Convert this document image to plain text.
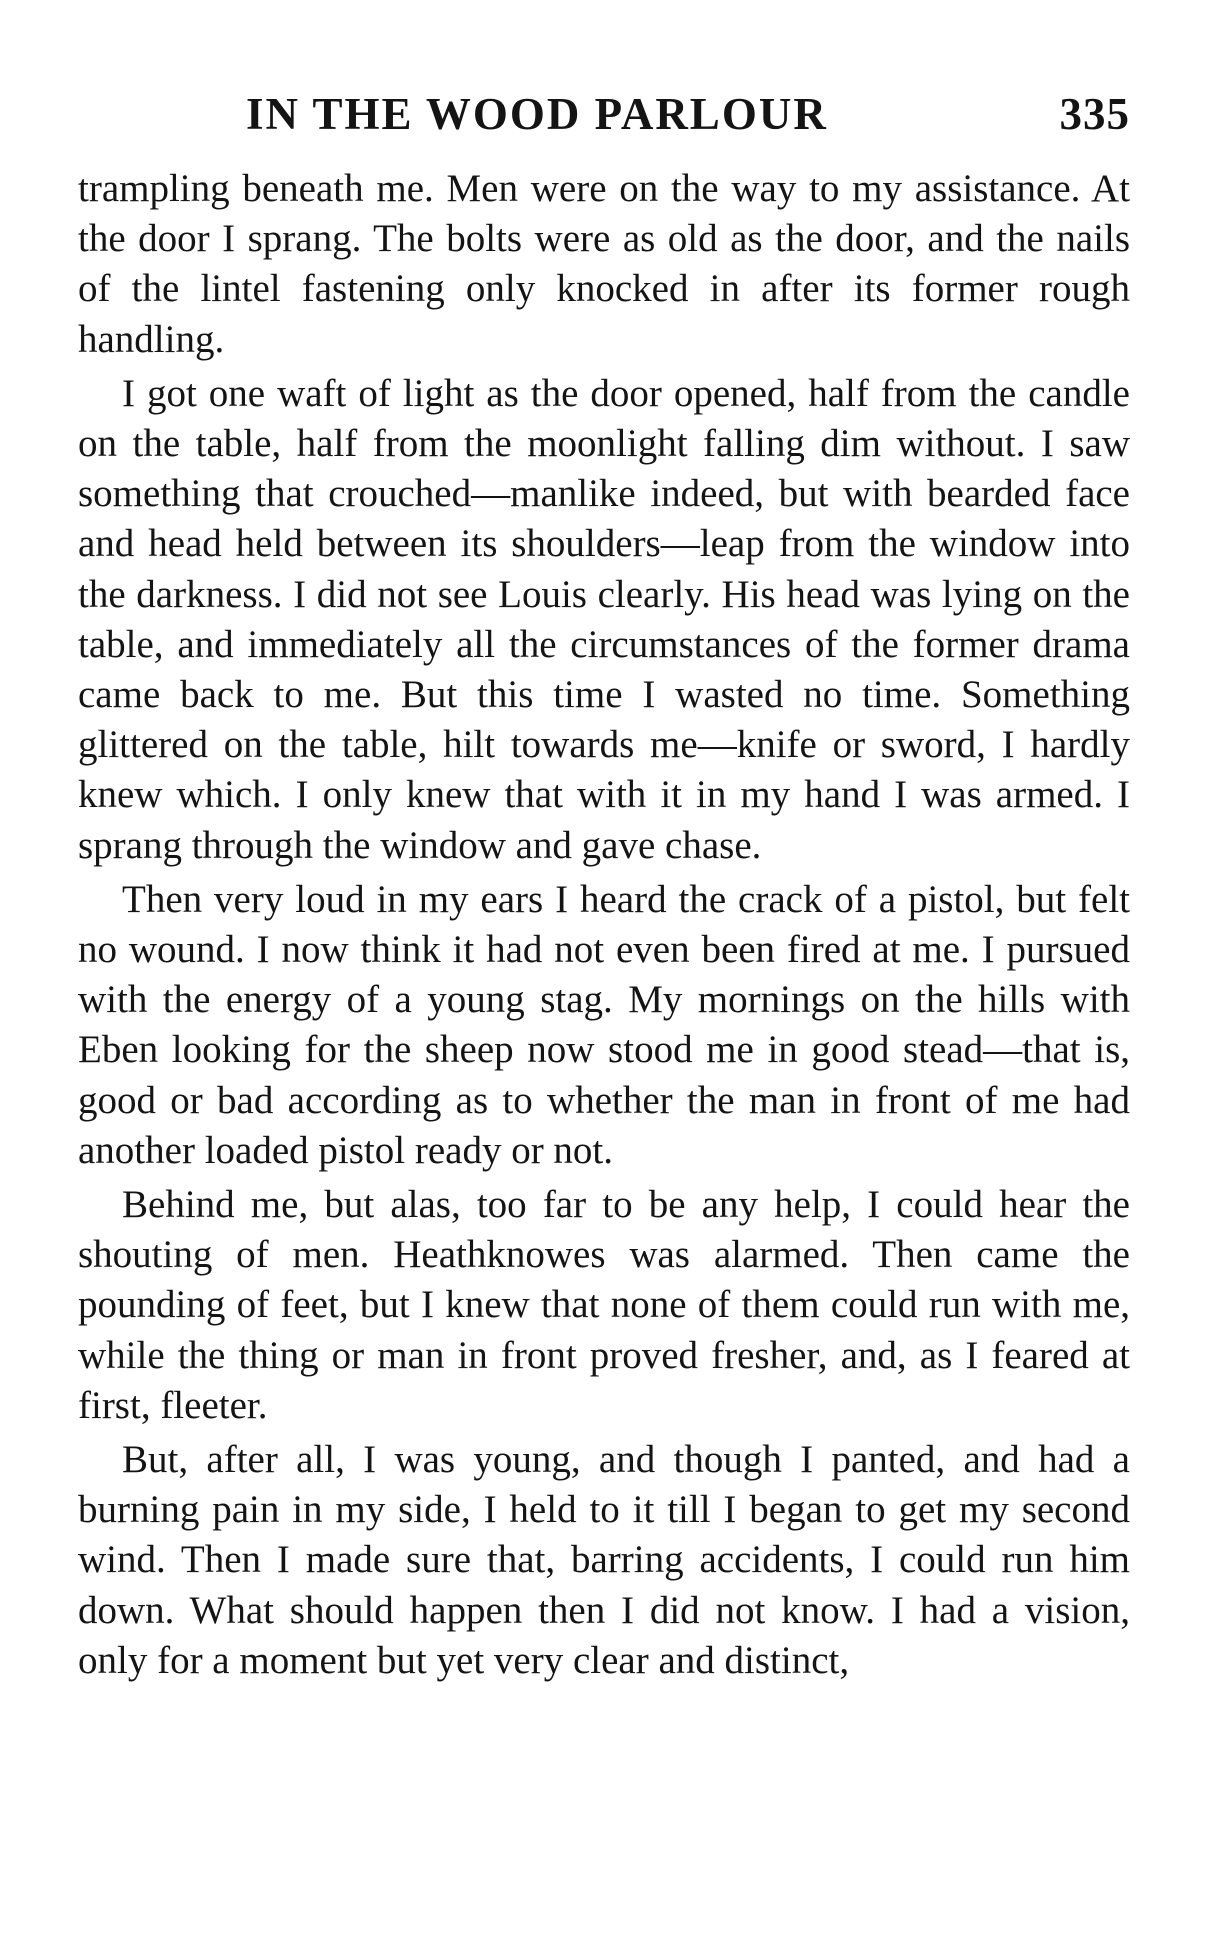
IN THE WOOD PARLOUR	335

trampling beneath me. Men were on the way to my assistance. At the door I sprang. The bolts were as old as the door, and the nails of the lintel fastening only knocked in after its former rough handling.

I got one waft of light as the door opened, half from the candle on the table, half from the moonlight falling dim without. I saw something that crouched—manlike indeed, but with bearded face and head held between its shoulders—leap from the window into the darkness. I did not see Louis clearly. His head was lying on the table, and immediately all the circumstances of the former drama came back to me. But this time I wasted no time. Something glittered on the table, hilt towards me—knife or sword, I hardly knew which. I only knew that with it in my hand I was armed. I sprang through the window and gave chase.

Then very loud in my ears I heard the crack of a pistol, but felt no wound. I now think it had not even been fired at me. I pursued with the energy of a young stag. My mornings on the hills with Eben looking for the sheep now stood me in good stead—that is, good or bad according as to whether the man in front of me had another loaded pistol ready or not.

Behind me, but alas, too far to be any help, I could hear the shouting of men. Heathknowes was alarmed. Then came the pounding of feet, but I knew that none of them could run with me, while the thing or man in front proved fresher, and, as I feared at first, fleeter.

But, after all, I was young, and though I panted, and had a burning pain in my side, I held to it till I began to get my second wind. Then I made sure that, barring accidents, I could run him down. What should happen then I did not know. I had a vision, only for a moment but yet very clear and distinct,
